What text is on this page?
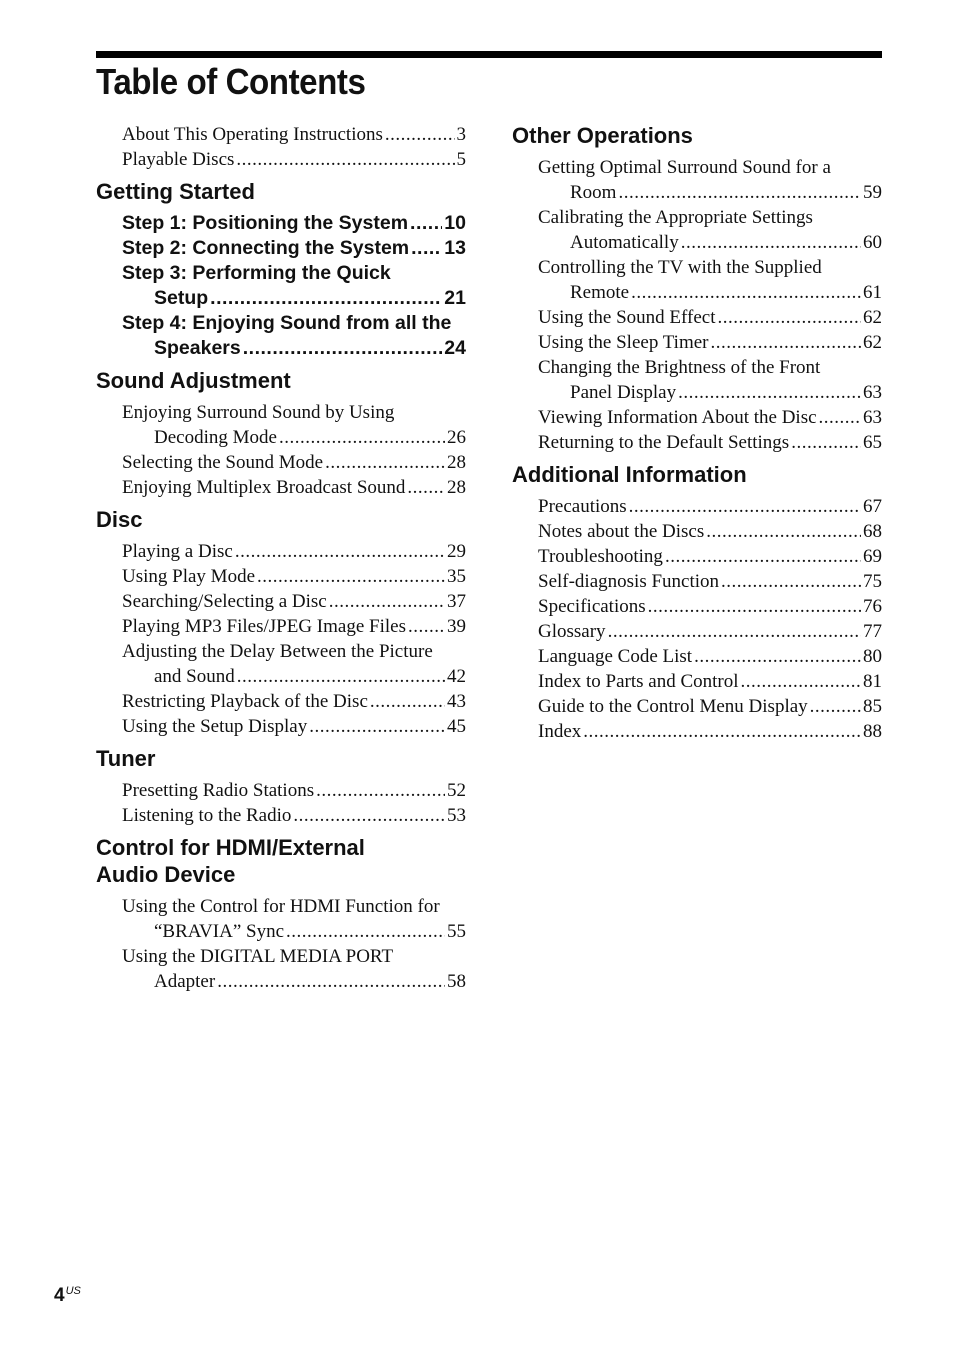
Table of Contents
About This Operating Instructions .....	3
Playable Discs .....	5
Getting Started
Step 1: Positioning the System ..... 10
Step 2: Connecting the System ..... 13
Step 3: Performing the Quick
Setup .....	21
Step 4: Enjoying Sound from all the
Speakers .....	24
Sound Adjustment
Enjoying Surround Sound by Using
Decoding Mode .....	26
Selecting the Sound Mode .....	28
Enjoying Multiplex Broadcast Sound ..... 28
Disc
Playing a Disc .....	29
Using Play Mode .....	35
Searching/Selecting a Disc .....	37
Playing MP3 Files/JPEG Image Files ..... 39
Adjusting the Delay Between the Picture
and Sound .....	42
Restricting Playback of the Disc .....	43
Using the Setup Display .....	45
Tuner
Presetting Radio Stations .....	52
Listening to the Radio .....	53
Control for HDMI/External Audio Device
Using the Control for HDMI Function for
“BRAVIA” Sync .....	55
Using the DIGITAL MEDIA PORT
Adapter .....	58
Other Operations
Getting Optimal Surround Sound for a
Room .....	59
Calibrating the Appropriate Settings
Automatically .....	60
Controlling the TV with the Supplied
Remote .....	61
Using the Sound Effect .....	62
Using the Sleep Timer .....	62
Changing the Brightness of the Front
Panel Display .....	63
Viewing Information About the Disc ..... 63
Returning to the Default Settings .....	65
Additional Information
Precautions .....	67
Notes about the Discs .....	68
Troubleshooting .....	69
Self-diagnosis Function .....	75
Specifications .....	76
Glossary .....	77
Language Code List .....	80
Index to Parts and Control .....	81
Guide to the Control Menu Display .....	85
Index .....	88
$4^{US}$
